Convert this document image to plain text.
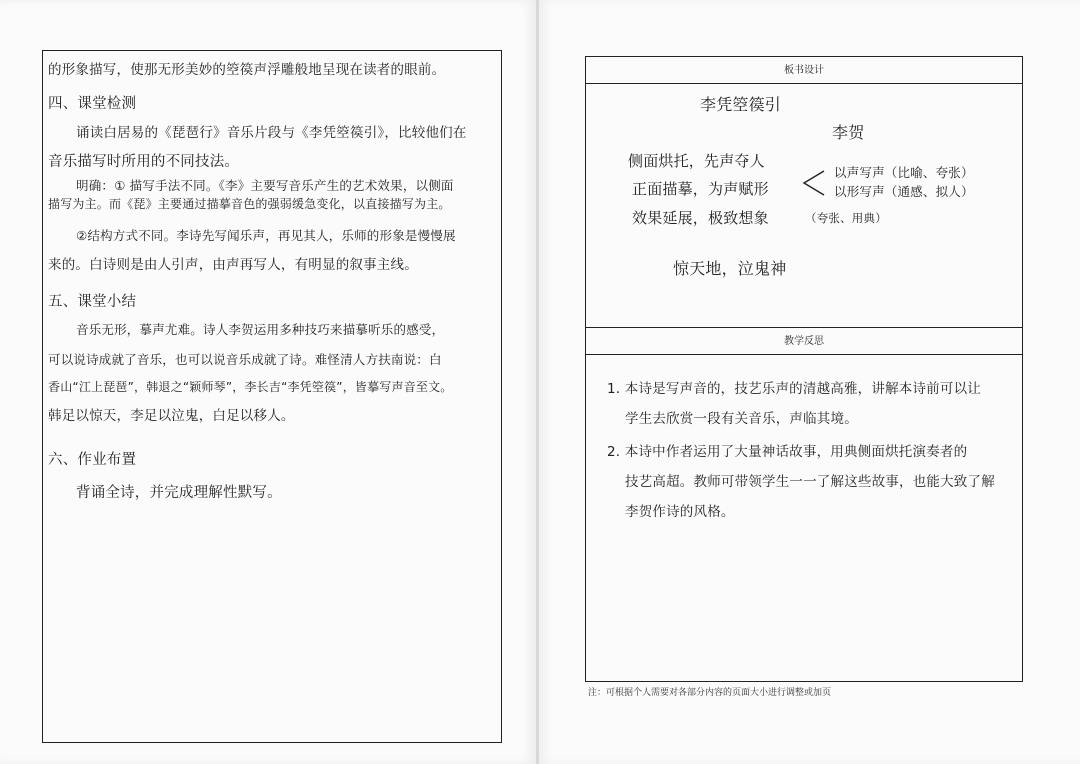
的形象描写，使那无形美妙的箜篌声浮雕般地呈现在读者的眼前。
四、课堂检测
诵读白居易的《琵琶行》音乐片段与《李凭箜篌引》，比较他们在
音乐描写时所用的不同技法。
明确：① 描写手法不同。《李》主要写音乐产生的艺术效果，以侧面
描写为主。而《琵》主要通过描摹音色的强弱缓急变化，以直接描写为主。
②结构方式不同。李诗先写闻乐声，再见其人，乐师的形象是慢慢展
来的。白诗则是由人引声，由声再写人，有明显的叙事主线。
五、课堂小结
音乐无形，摹声尤难。诗人李贺运用多种技巧来描摹听乐的感受，
可以说诗成就了音乐，也可以说音乐成就了诗。难怪清人方扶南说：白
香山“江上琵琶”，韩退之“颖师琴”，李长吉“李凭箜篌”，皆摹写声音至文。
韩足以惊天，李足以泣鬼，白足以移人。
六、作业布置
背诵全诗，并完成理解性默写。
板书设计
教学反思
李凭箜篌引
李贺
侧面烘托，先声夺人
正面描摹，为声赋形
以声写声（比喻、夸张）
以形写声（通感、拟人）
效果延展，极致想象	（夸张、用典）
惊天地，泣鬼神
1. 本诗是写声音的，技艺乐声的清越高雅，讲解本诗前可以让
学生去欣赏一段有关音乐，声临其境。
2. 本诗中作者运用了大量神话故事，用典侧面烘托演奏者的
技艺高超。教师可带领学生一一了解这些故事，也能大致了解
李贺作诗的风格。
注：可根据个人需要对各部分内容的页面大小进行调整或加页
